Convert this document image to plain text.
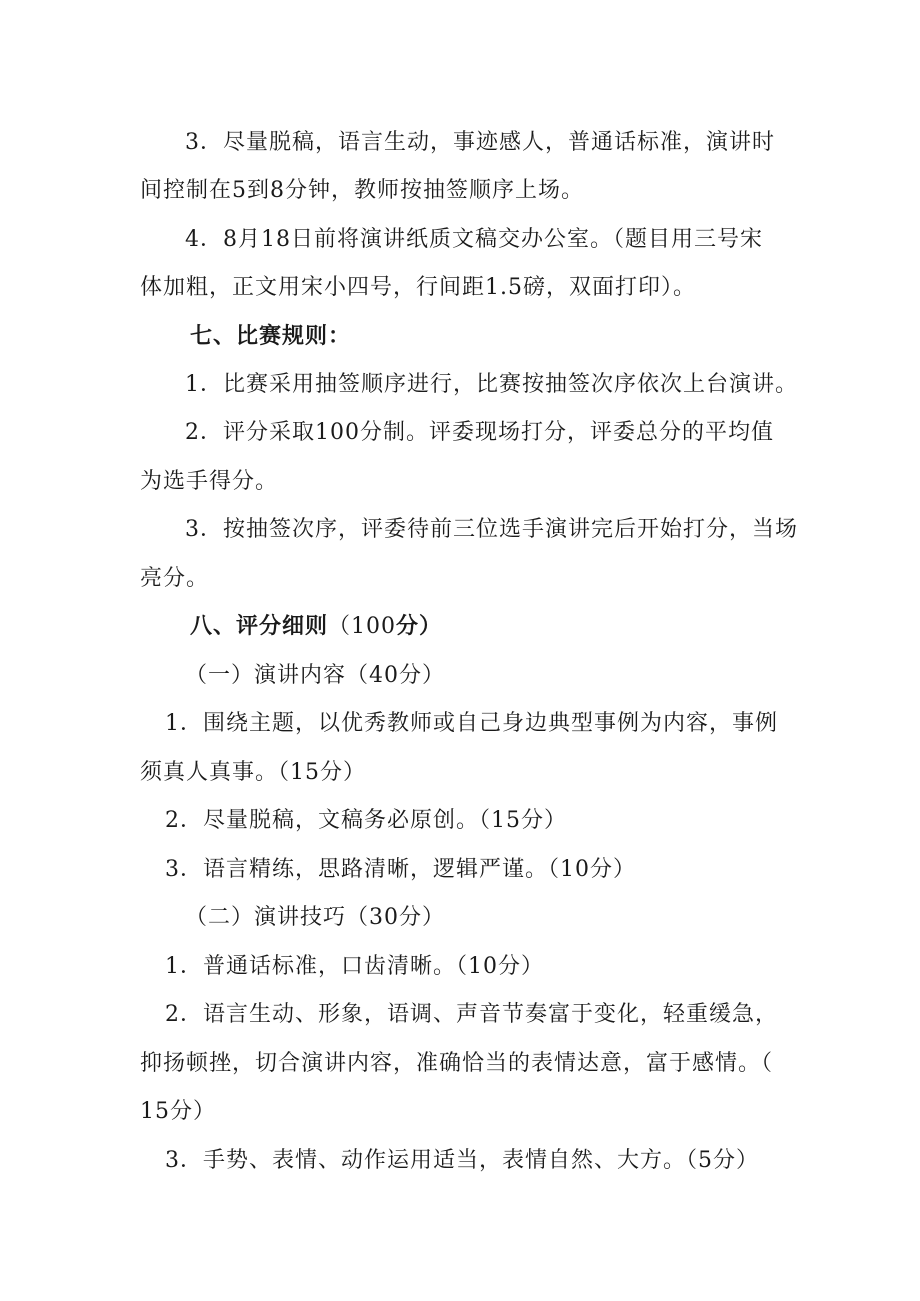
3．尽量脱稿，语言生动，事迹感人，普通话标准，演讲时
间控制在5到8分钟，教师按抽签顺序上场。
4．8月18日前将演讲纸质文稿交办公室。（题目用三号宋
体加粗，正文用宋小四号，行间距1.5磅，双面打印）。
七、比赛规则：
1．比赛采用抽签顺序进行，比赛按抽签次序依次上台演讲。
2．评分采取100分制。评委现场打分，评委总分的平均值
为选手得分。
3．按抽签次序，评委待前三位选手演讲完后开始打分，当场
亮分。
八、评分细则（100分）
（一）演讲内容（40分）
1．围绕主题，以优秀教师或自己身边典型事例为内容，事例
须真人真事。（15分）
2．尽量脱稿，文稿务必原创。（15分）
3．语言精练，思路清晰，逻辑严谨。（10分）
（二）演讲技巧（30分）
1．普通话标准，口齿清晰。（10分）
2．语言生动、形象，语调、声音节奏富于变化，轻重缓急，
抑扬顿挫，切合演讲内容，准确恰当的表情达意，富于感情。（
15分）
3．手势、表情、动作运用适当，表情自然、大方。（5分）
